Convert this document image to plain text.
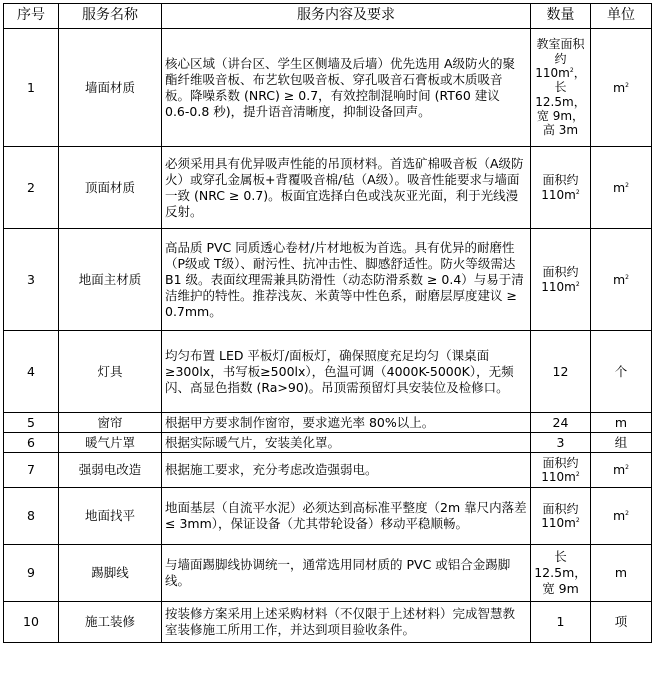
序号	服务名称	服务内容及要求	数量	单位
1	墙面材质	核心区域（讲台区、学生区侧墙及后墙）优先选用 A级防火的聚酯纤维吸音板、布艺软包吸音板、穿孔吸音石膏板或木质吸音板。降噪系数 (NRC) ≥ 0.7，有效控制混响时间 (RT60 建议 0.6-0.8 秒)，提升语音清晰度，抑制设备回声。	教室面积约 $110m^2$，长 12.5m，宽 9m，高 3m	$m^2$
2	顶面材质	必须采用具有优异吸声性能的吊顶材料。首选矿棉吸音板（A级防火）或穿孔金属板+背覆吸音棉/毡（A级）。吸音性能要求与墙面一致 (NRC ≥ 0.7)。板面宜选择白色或浅灰亚光面，利于光线漫反射。	面积约 $110m^2$	$m^2$
3	地面主材质	高品质 PVC 同质透心卷材/片材地板为首选。具有优异的耐磨性（P级或 T级）、耐污性、抗冲击性、脚感舒适性。防火等级需达 B1 级。表面纹理需兼具防滑性（动态防滑系数 ≥ 0.4）与易于清洁维护的特性。推荐浅灰、米黄等中性色系，耐磨层厚度建议 ≥ 0.7mm。	面积约 $110m^2$	$m^2$
4	灯具	均匀布置 LED 平板灯/面板灯，确保照度充足均匀（课桌面≥300lx，书写板≥500lx），色温可调（4000K-5000K），无频闪、高显色指数 (Ra>90)。吊顶需预留灯具安装位及检修口。	12	个
5	窗帘	根据甲方要求制作窗帘，要求遮光率 80%以上。	24	m
6	暖气片罩	根据实际暖气片，安装美化罩。	3	组
7	强弱电改造	根据施工要求，充分考虑改造强弱电。	面积约 $110m^2$	$m^2$
8	地面找平	地面基层（自流平水泥）必须达到高标准平整度（2m 靠尺内落差 ≤ 3mm），保证设备（尤其带轮设备）移动平稳顺畅。	面积约 $110m^2$	$m^2$
9	踢脚线	与墙面踢脚线协调统一，通常选用同材质的 PVC 或铝合金踢脚线。	长 12.5m，宽 9m	m
10	施工装修	按装修方案采用上述采购材料（不仅限于上述材料）完成智慧教室装修施工所用工作，并达到项目验收条件。	1	项
